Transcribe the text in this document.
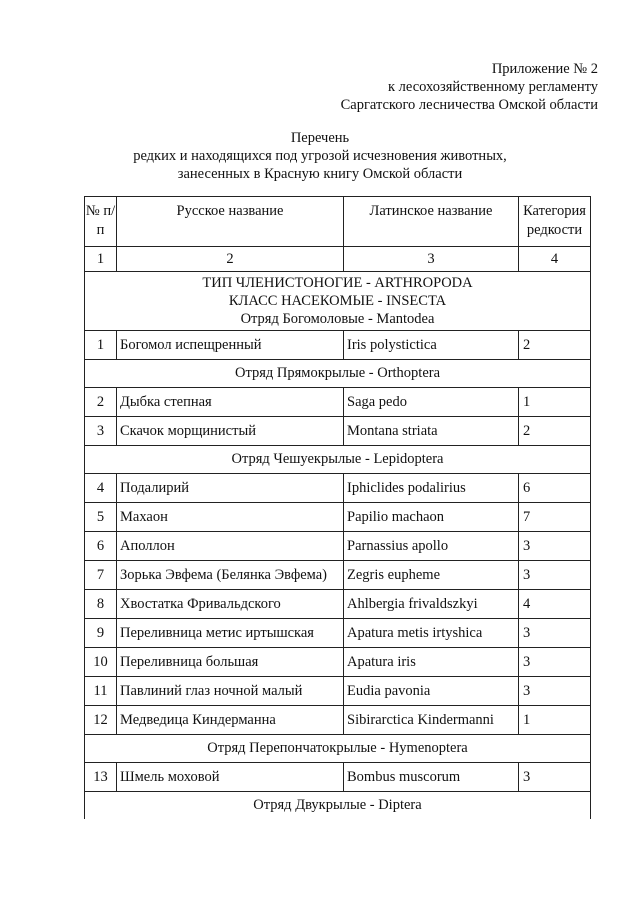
Приложение № 2
к лесохозяйственному регламенту
Саргатского лесничества Омской области
Перечень
редких и находящихся под угрозой исчезновения животных,
занесенных в Красную книгу Омской области
№ п/п	Русское название	Латинское название	Категория редкости
1	2	3	4

ТИП ЧЛЕНИСТОНОГИЕ - ARTHROPODA
КЛАСС НАСЕКОМЫЕ - INSECTA
Отряд Богомоловые - Mantodea			

1	Богомол испещренный	Iris polystictica	2
Отряд Прямокрылые - Orthoptera			
2	Дыбка степная	Saga pedo	1
3	Скачок морщинистый	Montana striata	2
Отряд Чешуекрылые - Lepidoptera			
4	Подалирий	Iphiclides podalirius	6
5	Махаон	Papilio machaon	7
6	Аполлон	Parnassius apollo	3
7	Зорька Эвфема (Белянка Эвфема)	Zegris eupheme	3
8	Хвостатка Фривальдского	Ahlbergia frivaldszkyi	4
9	Переливница метис иртышская	Apatura metis irtyshica	3
10	Переливница большая	Apatura iris	3
11	Павлиний глаз ночной малый	Eudia pavonia	3
12	Медведица Киндерманна	Sibirarctica Kindermanni	1
Отряд Перепончатокрылые - Hymenoptera			
13	Шмель моховой	Bombus muscorum	3
Отряд Двукрылые - Diptera			
